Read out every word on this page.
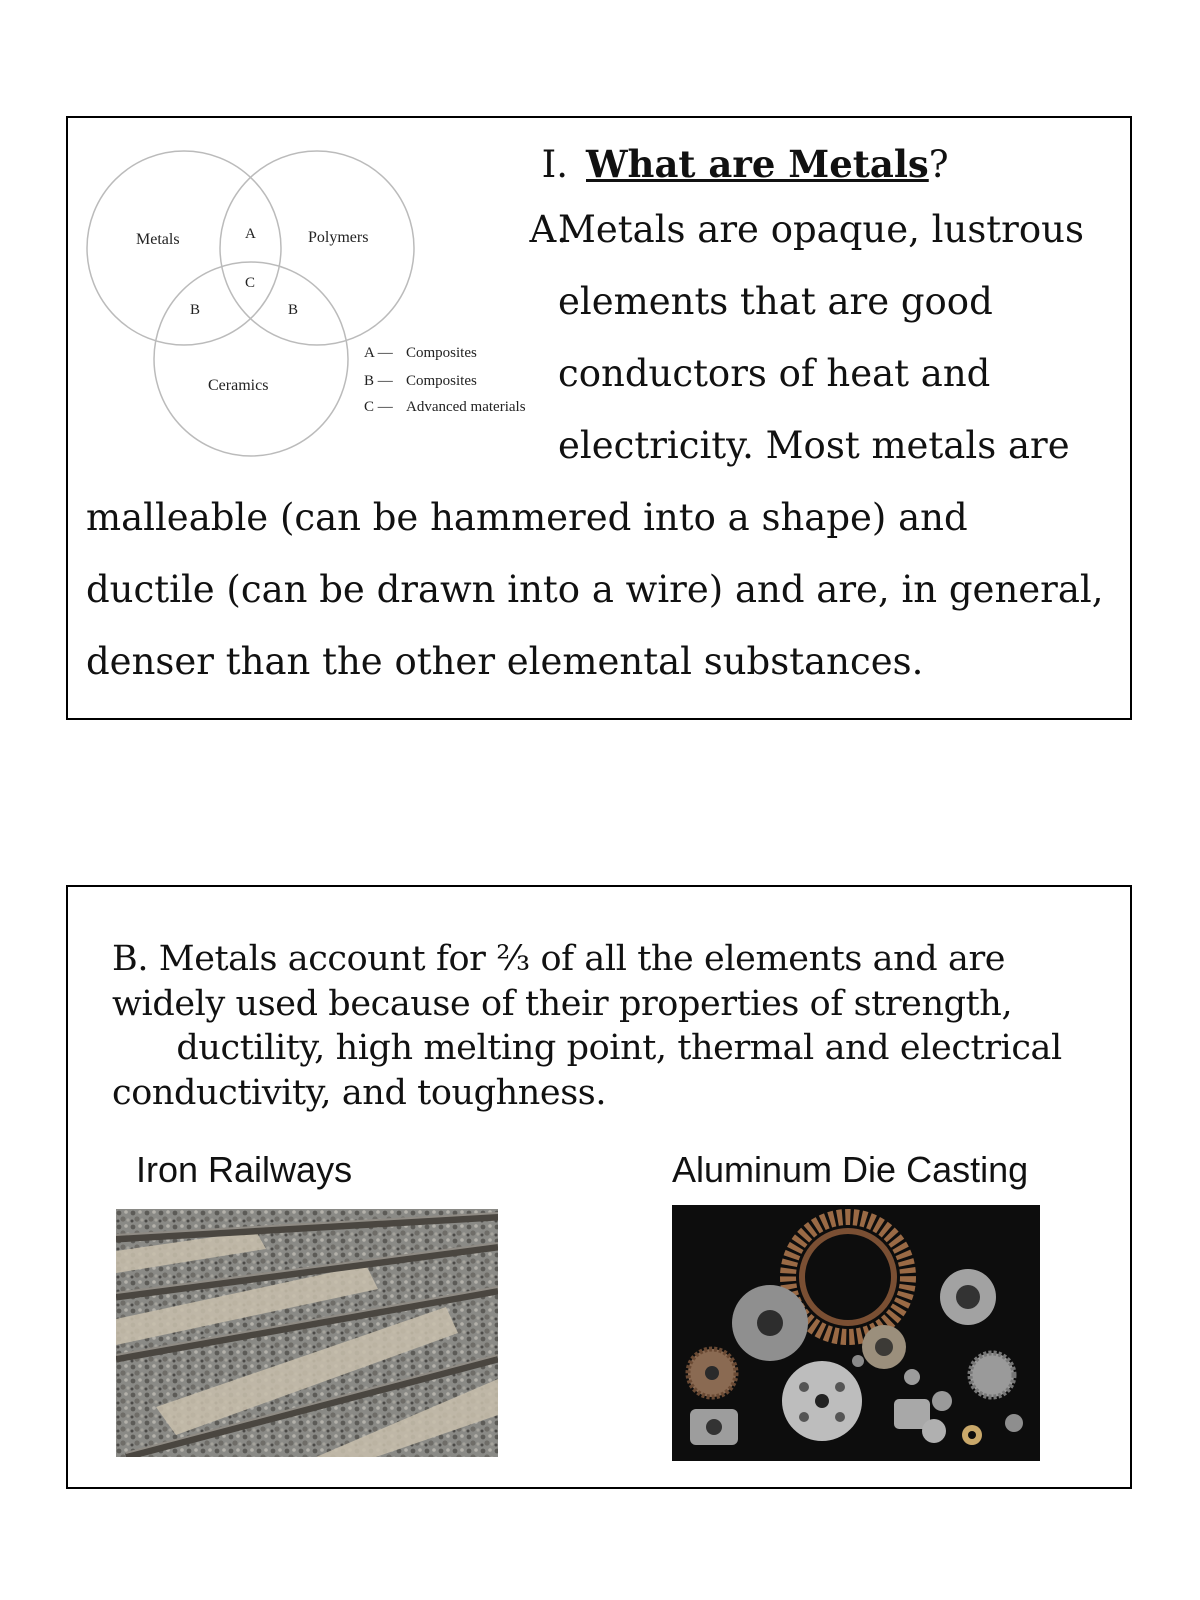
Metals	Polymers
Ceramics
A
C
B	B
A — Composites
B — Composites
C — Advanced materials
I. What are Metals?
A.
Metals are opaque, lustrous
elements that are good
conductors of heat and
electricity. Most metals are
malleable (can be hammered into a shape) and
ductile (can be drawn into a wire) and are, in general,
denser than the other elemental substances.
B. Metals account for ⅔ of all the elements and are
widely used because of their properties of strength,
ductility, high melting point, thermal and electrical
conductivity, and toughness.
Iron Railways	Aluminum Die Casting
